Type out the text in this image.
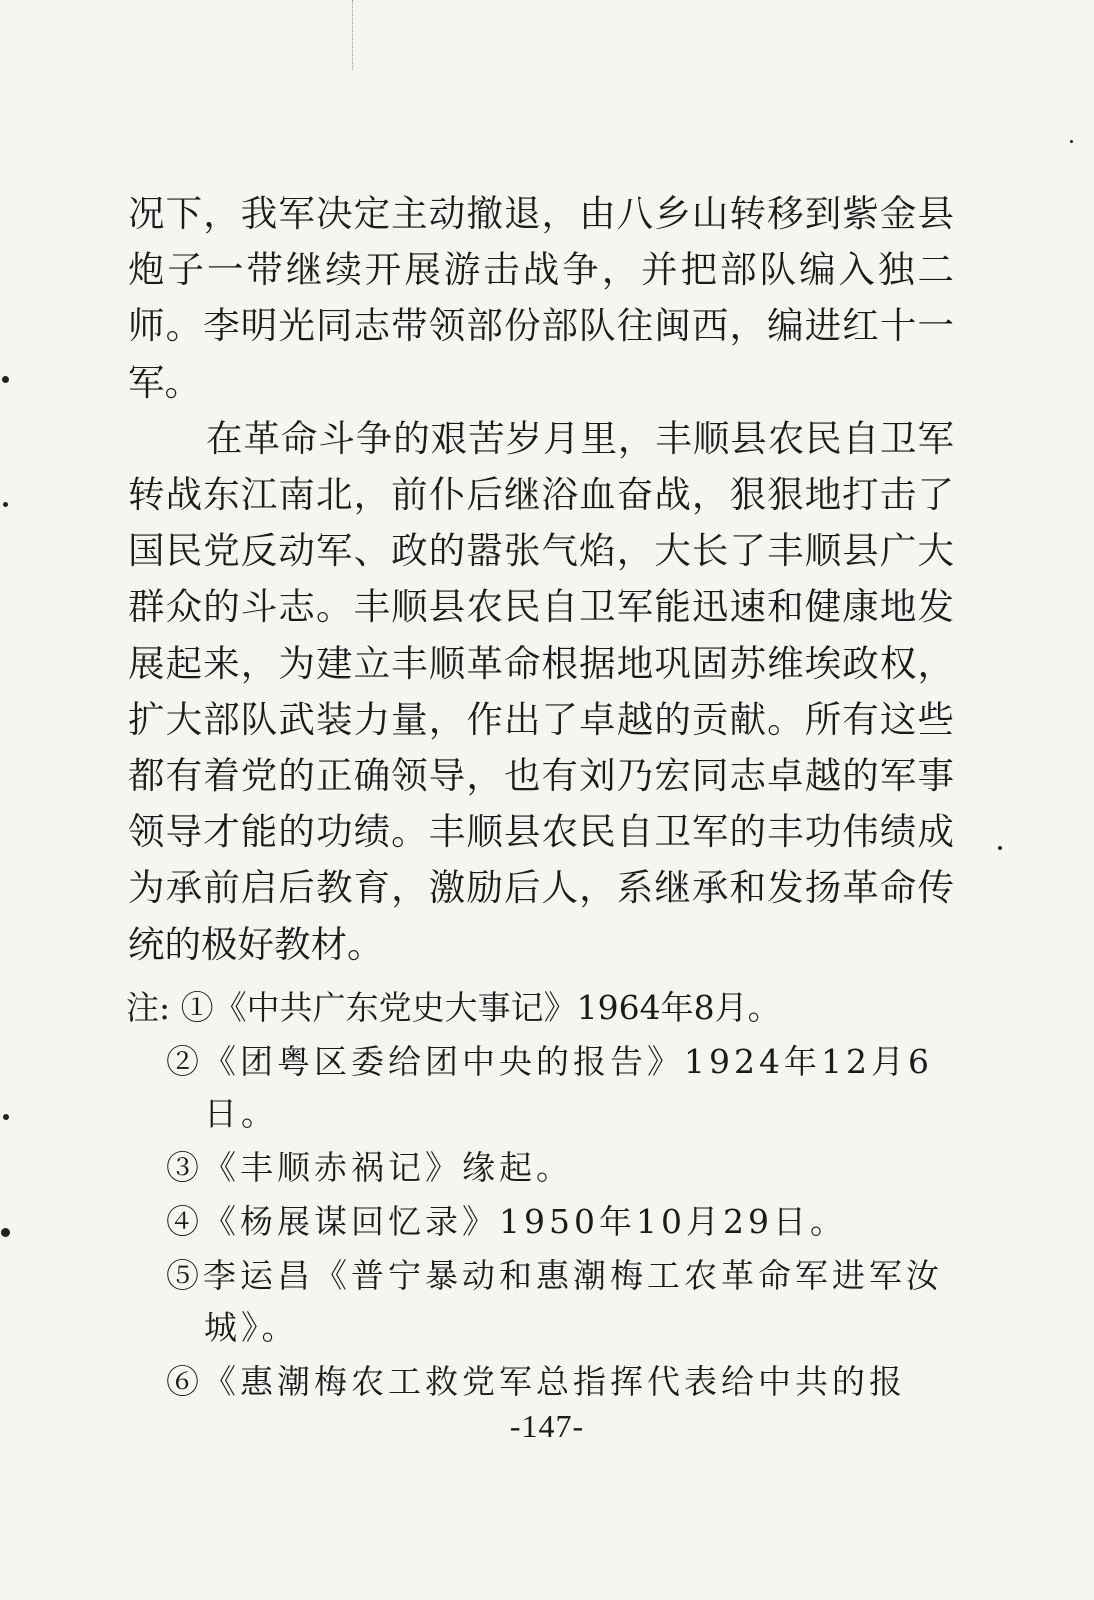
况下，我军决定主动撤退，由八乡山转移到紫金县炮子一带继续开展游击战争，并把部队编入独二师。李明光同志带领部份部队往闽西，编进红十一军。

在革命斗争的艰苦岁月里，丰顺县农民自卫军转战东江南北，前仆后继浴血奋战，狠狠地打击了国民党反动军、政的嚣张气焰，大长了丰顺县广大群众的斗志。丰顺县农民自卫军能迅速和健康地发展起来，为建立丰顺革命根据地巩固苏维埃政权，扩大部队武装力量，作出了卓越的贡献。所有这些都有着党的正确领导，也有刘乃宏同志卓越的军事领导才能的功绩。丰顺县农民自卫军的丰功伟绩成为承前启后教育，激励后人，系继承和发扬革命传统的极好教材。

注: ①《中共广东党史大事记》1964年8月。

②《团粤区委给团中央的报告》1924年12月6日。

③《丰顺赤祸记》缘起。

④《杨展谋回忆录》1950年10月29日。

⑤李运昌《普宁暴动和惠潮梅工农革命军进军汝城》。

⑥《惠潮梅农工救党军总指挥代表给中共的报

-147-
